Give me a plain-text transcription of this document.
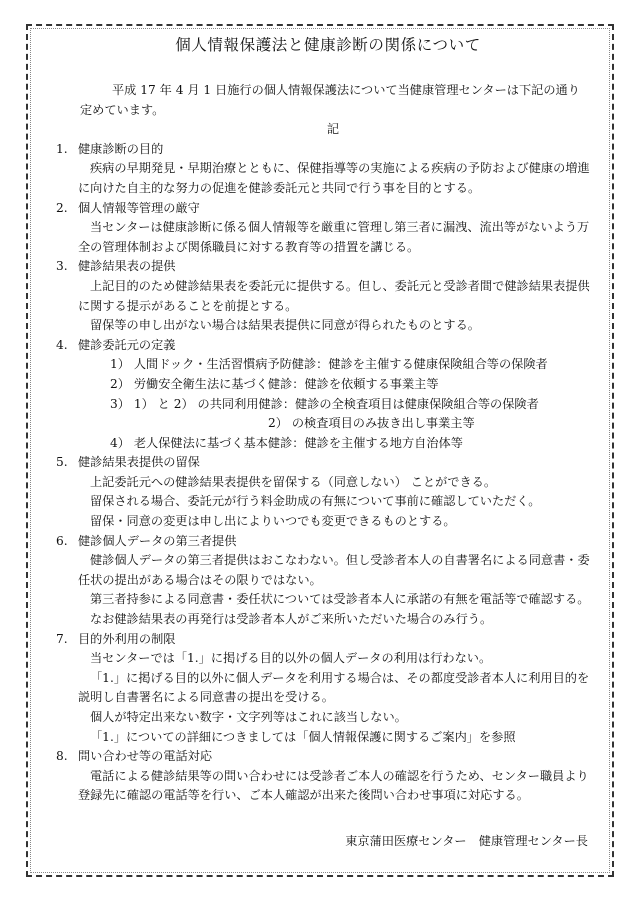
個人情報保護法と健康診断の関係について

平成 17 年 4 月 1 日施行の個人情報保護法について当健康管理センターは下記の通り定めています。

記

1. 健康診断の目的

疾病の早期発見・早期治療とともに、保健指導等の実施による疾病の予防および健康の増進に向けた自主的な努力の促進を健診委託元と共同で行う事を目的とする。

2. 個人情報等管理の厳守

当センターは健康診断に係る個人情報等を厳重に管理し第三者に漏洩、流出等がないよう万全の管理体制および関係職員に対する教育等の措置を講じる。

3. 健診結果表の提供

上記目的のため健診結果表を委託元に提供する。但し、委託元と受診者間で健診結果表提供に関する提示があることを前提とする。

留保等の申し出がない場合は結果表提供に同意が得られたものとする。

4. 健診委託元の定義

1） 人間ドック・生活習慣病予防健診：健診を主催する健康保険組合等の保険者

2） 労働安全衛生法に基づく健診：健診を依頼する事業主等

3） 1） と 2） の共同利用健診：健診の全検査項目は健康保険組合等の保険者

2） の検査項目のみ抜き出し事業主等

4） 老人保健法に基づく基本健診：健診を主催する地方自治体等

5. 健診結果表提供の留保

上記委託元への健診結果表提供を留保する（同意しない） ことができる。

留保される場合、委託元が行う料金助成の有無について事前に確認していただく。

留保・同意の変更は申し出によりいつでも変更できるものとする。

6. 健診個人データの第三者提供

健診個人データの第三者提供はおこなわない。但し受診者本人の自書署名による同意書・委任状の提出がある場合はその限りではない。

第三者持参による同意書・委任状については受診者本人に承諾の有無を電話等で確認する。

なお健診結果表の再発行は受診者本人がご来所いただいた場合のみ行う。

7. 目的外利用の制限

当センターでは「1.」に掲げる目的以外の個人データの利用は行わない。

「1.」に掲げる目的以外に個人データを利用する場合は、その都度受診者本人に利用目的を説明し自書署名による同意書の提出を受ける。

個人が特定出来ない数字・文字列等はこれに該当しない。

「1.」についての詳細につきましては「個人情報保護に関するご案内」を参照

8. 問い合わせ等の電話対応

電話による健診結果等の問い合わせには受診者ご本人の確認を行うため、センター職員より登録先に確認の電話等を行い、ご本人確認が出来た後問い合わせ事項に対応する。

東京蒲田医療センター　健康管理センター長
